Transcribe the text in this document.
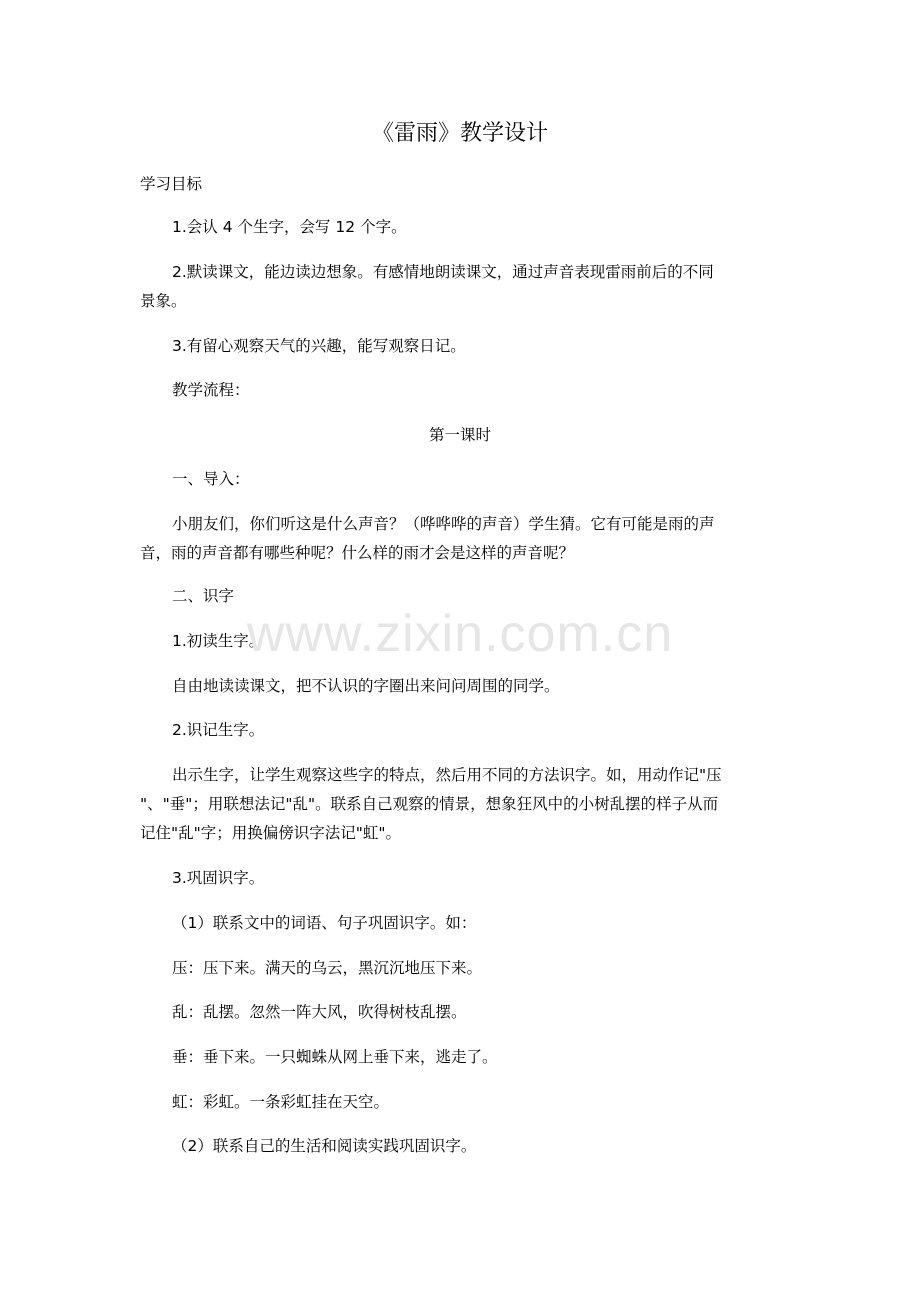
《雷雨》教学设计

学习目标

1.会认 4 个生字，会写 12 个字。

2.默读课文，能边读边想象。有感情地朗读课文，通过声音表现雷雨前后的不同
景象。

3.有留心观察天气的兴趣，能写观察日记。

教学流程：

第一课时

一、导入：

小朋友们，你们听这是什么声音？（哗哗哗的声音）学生猜。它有可能是雨的声
音，雨的声音都有哪些种呢？什么样的雨才会是这样的声音呢？

二、识字

1.初读生字。

自由地读读课文，把不认识的字圈出来问问周围的同学。

2.识记生字。

出示生字，让学生观察这些字的特点，然后用不同的方法识字。如，用动作记"压
"、"垂"；用联想法记"乱"。联系自己观察的情景，想象狂风中的小树乱摆的样子从而
记住"乱"字；用换偏傍识字法记"虹"。

3.巩固识字。

（1）联系文中的词语、句子巩固识字。如：

压：压下来。满天的乌云，黑沉沉地压下来。

乱：乱摆。忽然一阵大风，吹得树枝乱摆。

垂：垂下来。一只蜘蛛从网上垂下来，逃走了。

虹：彩虹。一条彩虹挂在天空。

（2）联系自己的生活和阅读实践巩固识字。

www.zixin.com.cn
